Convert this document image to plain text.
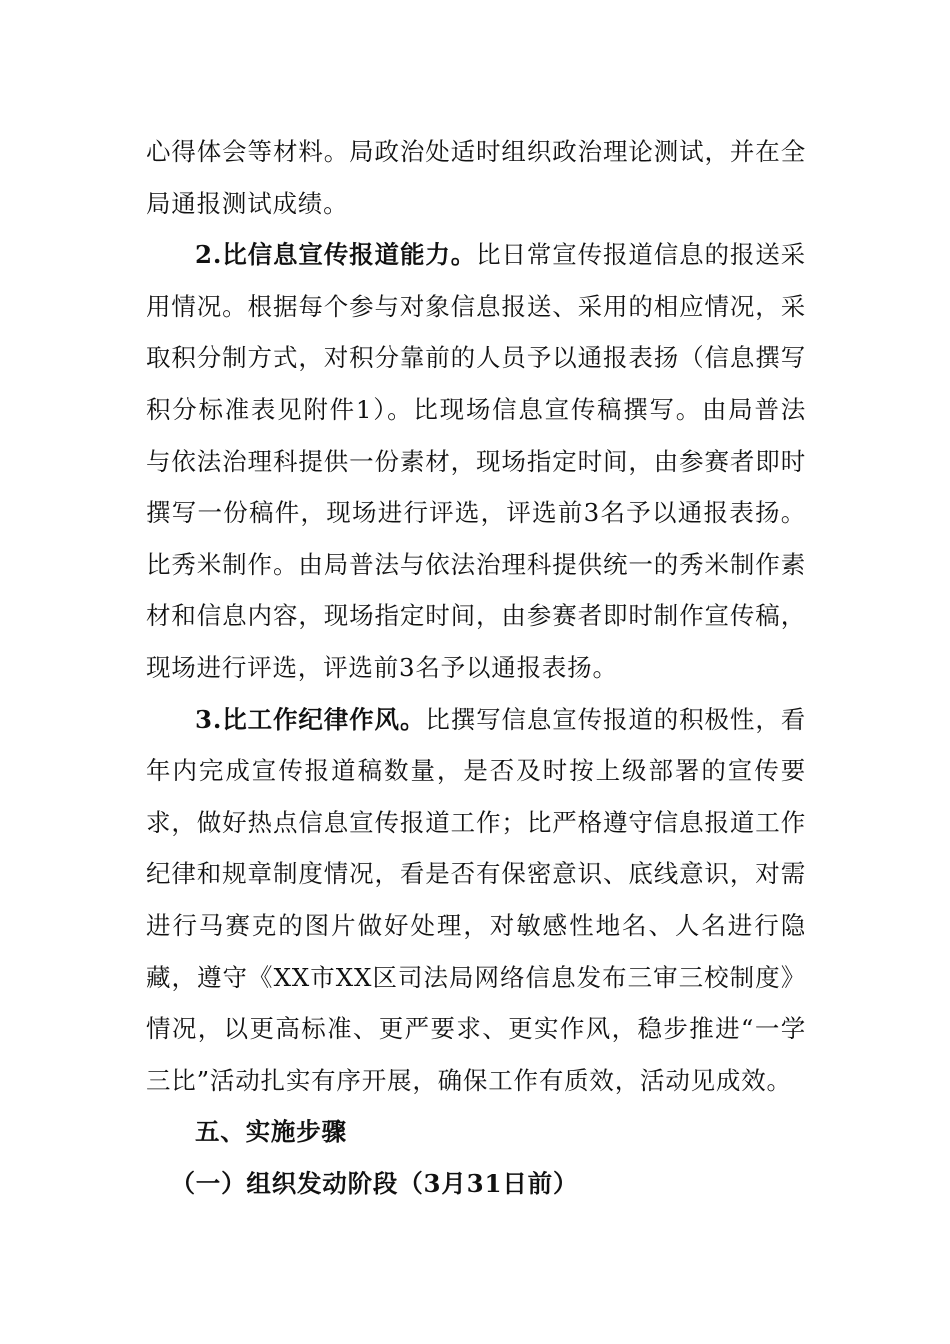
心得体会等材料。局政治处适时组织政治理论测试，并在全局通报测试成绩。

2.比信息宣传报道能力。比日常宣传报道信息的报送采用情况。根据每个参与对象信息报送、采用的相应情况，采取积分制方式，对积分靠前的人员予以通报表扬（信息撰写积分标准表见附件1）。比现场信息宣传稿撰写。由局普法与依法治理科提供一份素材，现场指定时间，由参赛者即时撰写一份稿件，现场进行评选，评选前3名予以通报表扬。比秀米制作。由局普法与依法治理科提供统一的秀米制作素材和信息内容，现场指定时间，由参赛者即时制作宣传稿，现场进行评选，评选前3名予以通报表扬。

3.比工作纪律作风。比撰写信息宣传报道的积极性，看年内完成宣传报道稿数量，是否及时按上级部署的宣传要求，做好热点信息宣传报道工作；比严格遵守信息报道工作纪律和规章制度情况，看是否有保密意识、底线意识，对需进行马赛克的图片做好处理，对敏感性地名、人名进行隐藏，遵守《XX市XX区司法局网络信息发布三审三校制度》情况，以更高标准、更严要求、更实作风，稳步推进“一学三比”活动扎实有序开展，确保工作有质效，活动见成效。

五、实施步骤

（一）组织发动阶段（3月31日前）
